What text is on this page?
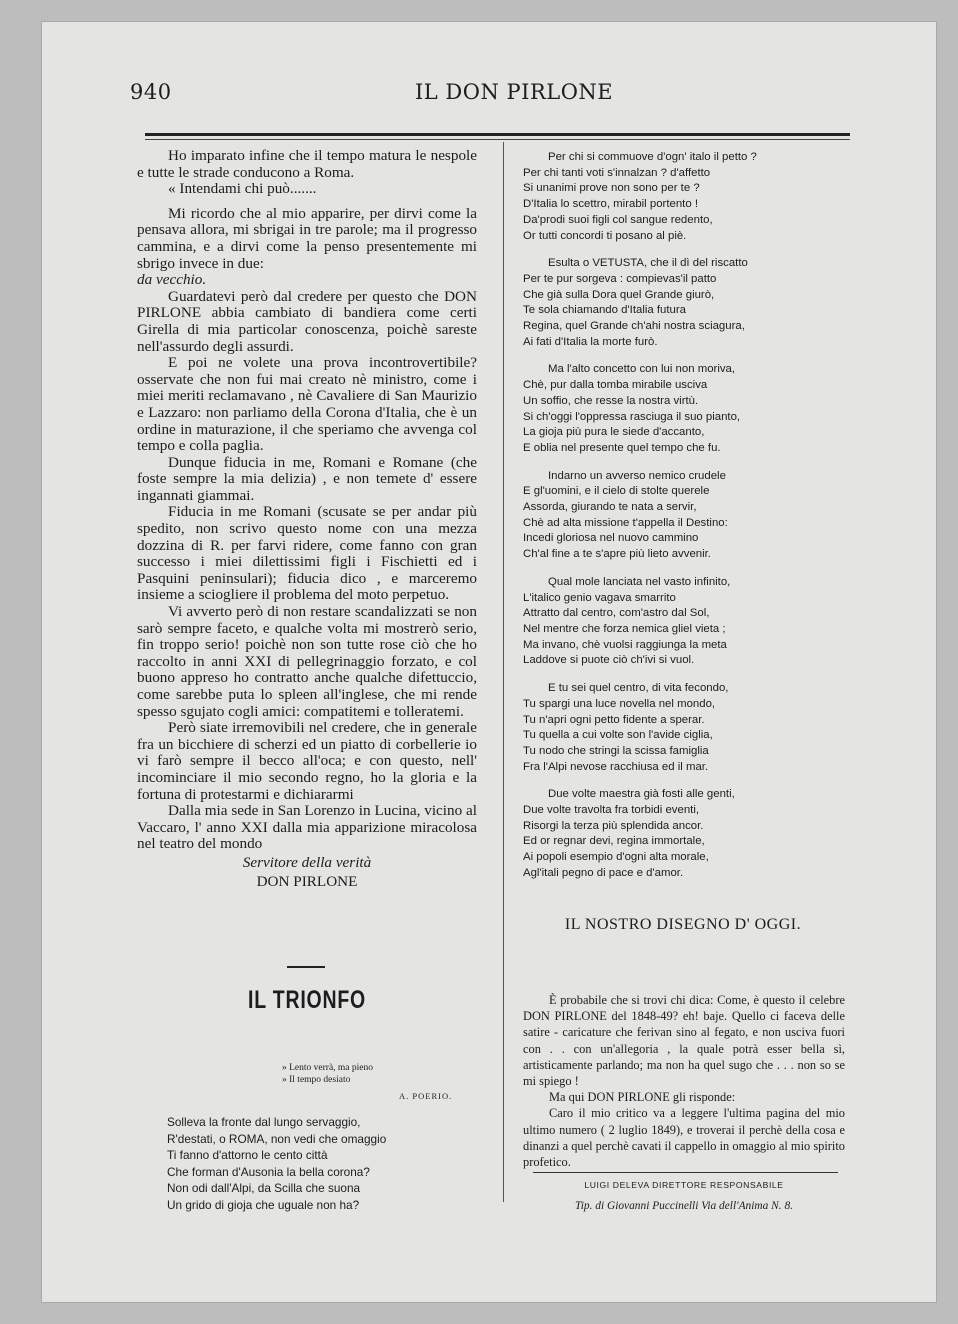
940	IL DON PIRLONE

Ho imparato infine che il tempo matura le nespole e tutte le strade conducono a Roma.

« Intendami chi può.......

Mi ricordo che al mio apparire, per dirvi come la pensava allora, mi sbrigai in tre parole; ma il progresso cammina, e a dirvi come la penso presentemente mi sbrigo invece in due:

da vecchio.

Guardatevi però dal credere per questo che DON PIRLONE abbia cambiato di bandiera come certi Girella di mia particolar conoscenza, poichè sareste nell'assurdo degli assurdi.

E poi ne volete una prova incontrovertibile? osservate che non fui mai creato nè ministro, come i miei meriti reclamavano , nè Cavaliere di San Maurizio e Lazzaro: non parliamo della Corona d'Italia, che è un ordine in maturazione, il che speriamo che avvenga col tempo e colla paglia.

Dunque fiducia in me, Romani e Romane (che foste sempre la mia delizia) , e non temete d' essere ingannati giammai.

Fiducia in me Romani (scusate se per andar più spedito, non scrivo questo nome con una mezza dozzina di R. per farvi ridere, come fanno con gran successo i miei dilettissimi figli i Fischietti ed i Pasquini peninsulari); fiducia dico , e marceremo insieme a sciogliere il problema del moto perpetuo.

Vi avverto però di non restare scandalizzati se non sarò sempre faceto, e qualche volta mi mostrerò serio, fin troppo serio! poichè non son tutte rose ciò che ho raccolto in anni XXI di pellegrinaggio forzato, e col buono appreso ho contratto anche qualche difettuccio, come sarebbe puta lo spleen all'inglese, che mi rende spesso sgujato cogli amici: compatitemi e tolleratemi.

Però siate irremovibili nel credere, che in generale fra un bicchiere di scherzi ed un piatto di corbellerie io vi farò sempre il becco all'oca; e con questo, nell' incominciare il mio secondo regno, ho la gloria e la fortuna di protestarmi e dichiararmi

Dalla mia sede in San Lorenzo in Lucina, vicino al Vaccaro, l' anno XXI dalla mia apparizione miracolosa nel teatro del mondo

Servitore della verità

DON PIRLONE

IL TRIONFO
» Lento verrà, ma pieno
» Il tempo desiato
A. POERIO.

Solleva la fronte dal lungo servaggio,

R'destati, o ROMA, non vedi che omaggio

Ti fanno d'attorno le cento città

Che forman d'Ausonia la bella corona?

Non odi dall'Alpi, da Scilla che suona

Un grido di gioja che uguale non ha?

Per chi si commuove d'ogn' italo il petto ?

Per chi tanti voti s'innalzan ? d'affetto

Si unanimi prove non sono per te ?

D'Italia lo scettro, mirabil portento !

Da'prodi suoi figli col sangue redento,

Or tutti concordi ti posano al piè.

Esulta o VETUSTA, che il dì del riscatto

Per te pur sorgeva : compievas'il patto

Che già sulla Dora quel Grande giurò,

Te sola chiamando d'Italia futura

Regina, quel Grande ch'ahi nostra sciagura,

Ai fati d'Italia la morte furò.

Ma l'alto concetto con lui non moriva,

Chè, pur dalla tomba mirabile usciva

Un soffio, che resse la nostra virtù.

Si ch'oggi l'oppressa rasciuga il suo pianto,

La gioja più pura le siede d'accanto,

E oblia nel presente quel tempo che fu.

Indarno un avverso nemico crudele

E gl'uomini, e il cielo di stolte querele

Assorda, giurando te nata a servir,

Chè ad alta missione t'appella il Destino:

Incedi gloriosa nel nuovo cammino

Ch'al fine a te s'apre più lieto avvenir.

Qual mole lanciata nel vasto infinito,

L'italico genio vagava smarrito

Attratto dal centro, com'astro dal Sol,

Nel mentre che forza nemica gliel vieta ;

Ma invano, chè vuolsi raggiunga la meta

Laddove si puote ciò ch'ivi si vuol.

E tu sei quel centro, di vita fecondo,

Tu spargi una luce novella nel mondo,

Tu n'apri ogni petto fidente a sperar.

Tu quella a cui volte son l'avide ciglia,

Tu nodo che stringi la scissa famiglia

Fra l'Alpi nevose racchiusa ed il mar.

Due volte maestra già fosti alle genti,

Due volte travolta fra torbidi eventi,

Risorgi la terza più splendida ancor.

Ed or regnar devi, regina immortale,

Ai popoli esempio d'ogni alta morale,

Agl'itali pegno di pace e d'amor.

IL NOSTRO DISEGNO D' OGGI.

È probabile che si trovi chi dica: Come, è questo il celebre DON PIRLONE del 1848-49? eh! baje. Quello ci faceva delle satire - caricature che ferivan sino al fegato, e non usciva fuori con . . con un'allegoria , la quale potrà esser bella sì, artisticamente parlando; ma non ha quel sugo che . . . non so se mi spiego !

Ma qui DON PIRLONE gli risponde:

Caro il mio critico va a leggere l'ultima pagina del mio ultimo numero ( 2 luglio 1849), e troverai il perchè della cosa e dinanzi a quel perchè cavati il cappello in omaggio al mio spirito profetico.

LUIGI DELEVA DIRETTORE RESPONSABILE
Tip. di Giovanni Puccinelli Via dell'Anima N. 8.
